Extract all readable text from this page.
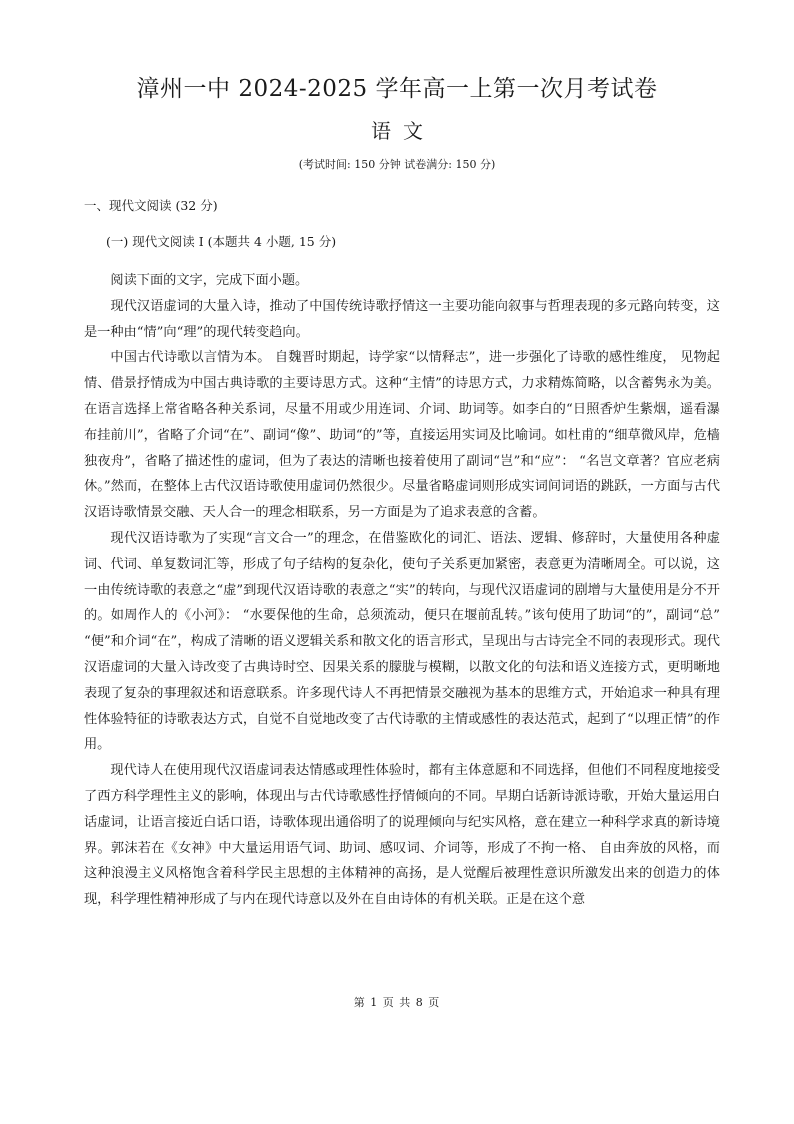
漳州一中 2024-2025 学年高一上第一次月考试卷
语文
(考试时间: 150 分钟 试卷满分: 150 分)
一、现代文阅读 (32 分)
(一) 现代文阅读 I (本题共 4 小题, 15 分)

阅读下面的文字，完成下面小题。

现代汉语虚词的大量入诗，推动了中国传统诗歌抒情这一主要功能向叙事与哲理表现的多元路向转变，这是一种由“情”向“理”的现代转变趋向。

中国古代诗歌以言情为本。 自魏晋时期起，诗学家“以情释志”，进一步强化了诗歌的感性维度， 见物起情、借景抒情成为中国古典诗歌的主要诗思方式。这种“主情”的诗思方式，力求精炼简略，以含蓄隽永为美。在语言选择上常省略各种关系词，尽量不用或少用连词、介词、助词等。如李白的“日照香炉生紫烟，遥看瀑布挂前川”，省略了介词“在”、副词“像”、助词“的”等，直接运用实词及比喻词。如杜甫的“细草微风岸，危樯独夜舟”，省略了描述性的虚词，但为了表达的清晰也接着使用了副词“岂”和“应”： “名岂文章著？官应老病休。”然而，在整体上古代汉语诗歌使用虚词仍然很少。尽量省略虚词则形成实词间词语的跳跃，一方面与古代汉语诗歌情景交融、天人合一的理念相联系，另一方面是为了追求表意的含蓄。

现代汉语诗歌为了实现“言文合一”的理念，在借鉴欧化的词汇、语法、逻辑、修辞时，大量使用各种虚词、代词、单复数词汇等，形成了句子结构的复杂化，使句子关系更加紧密，表意更为清晰周全。可以说，这一由传统诗歌的表意之“虚”到现代汉语诗歌的表意之“实”的转向，与现代汉语虚词的剧增与大量使用是分不开的。如周作人的《小河》： “水要保他的生命，总须流动，便只在堰前乱转。”该句使用了助词“的”，副词“总” “便”和介词“在”，构成了清晰的语义逻辑关系和散文化的语言形式，呈现出与古诗完全不同的表现形式。现代汉语虚词的大量入诗改变了古典诗时空、因果关系的朦胧与模糊，以散文化的句法和语义连接方式，更明晰地表现了复杂的事理叙述和语意联系。许多现代诗人不再把情景交融视为基本的思维方式，开始追求一种具有理性体验特征的诗歌表达方式，自觉不自觉地改变了古代诗歌的主情或感性的表达范式，起到了“以理正情”的作用。

现代诗人在使用现代汉语虚词表达情感或理性体验时，都有主体意愿和不同选择，但他们不同程度地接受了西方科学理性主义的影响，体现出与古代诗歌感性抒情倾向的不同。早期白话新诗派诗歌，开始大量运用白话虚词，让语言接近白话口语，诗歌体现出通俗明了的说理倾向与纪实风格，意在建立一种科学求真的新诗境界。郭沫若在《女神》中大量运用语气词、助词、感叹词、介词等，形成了不拘一格、 自由奔放的风格，而这种浪漫主义风格饱含着科学民主思想的主体精神的高扬，是人觉醒后被理性意识所激发出来的创造力的体现，科学理性精神形成了与内在现代诗意以及外在自由诗体的有机关联。正是在这个意

第 1 页 共 8 页
